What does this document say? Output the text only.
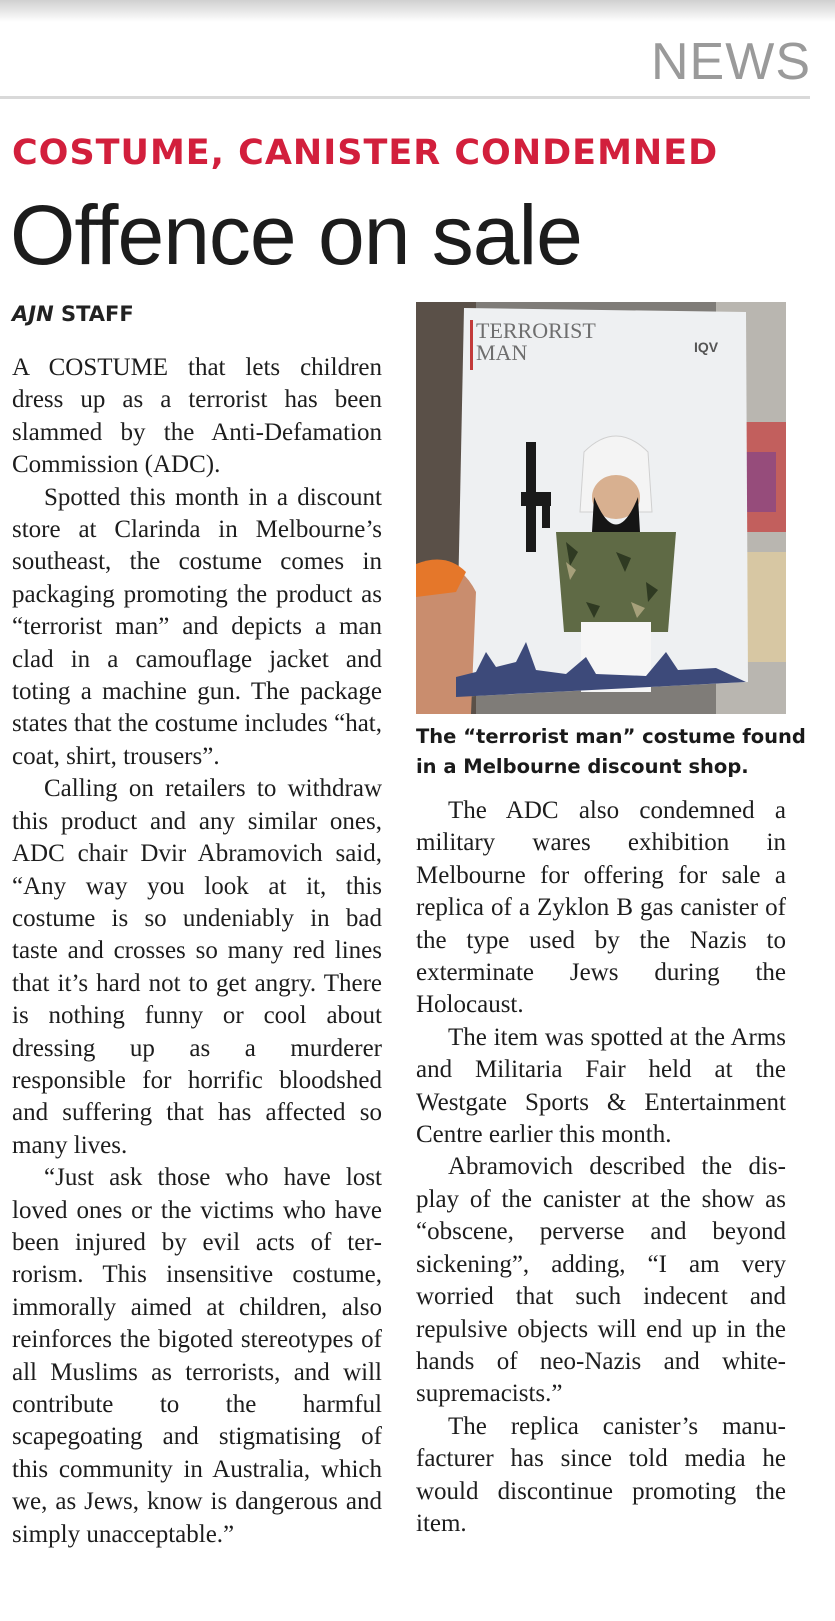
NEWS
COSTUME, CANISTER CONDEMNED
Offence on sale
AJN STAFF

A COSTUME that lets children dress up as a terrorist has been slammed by the Anti-Defamation Commission (ADC).

Spotted this month in a discount store at Clarinda in Melbourne’s southeast, the costume comes in packaging promoting the product as “terrorist man” and depicts a man clad in a camouflage jacket and toting a machine gun. The package states that the costume includes “hat, coat, shirt, trousers”.

Calling on retailers to withdraw this product and any similar ones, ADC chair Dvir Abramovich said, “Any way you look at it, this costume is so undeniably in bad taste and crosses so many red lines that it’s hard not to get angry. There is nothing funny or cool about dressing up as a murderer responsible for horrific bloodshed and suffering that has affected so many lives.

“Just ask those who have lost loved ones or the victims who have been injured by evil acts of terrorism. This insensitive costume, immorally aimed at children, also reinforces the bigoted stereotypes of all Muslims as terrorists, and will contribute to the harmful scapegoating and stigmatising of this community in Australia, which we, as Jews, know is dangerous and simply unacceptable.”

TERRORIST
MAN	IQV
The “terrorist man” costume found
in a Melbourne discount shop.

The ADC also condemned a military wares exhibition in Melbourne for offering for sale a replica of a Zyklon B gas canister of the type used by the Nazis to exterminate Jews during the Holocaust.

The item was spotted at the Arms and Militaria Fair held at the Westgate Sports & Entertainment Centre earlier this month.

Abramovich described the display of the canister at the show as “obscene, perverse and beyond sickening”, adding, “I am very worried that such indecent and repulsive objects will end up in the hands of neo-Nazis and white-supremacists.”

The replica canister’s manufacturer has since told media he would discontinue promoting the item.
